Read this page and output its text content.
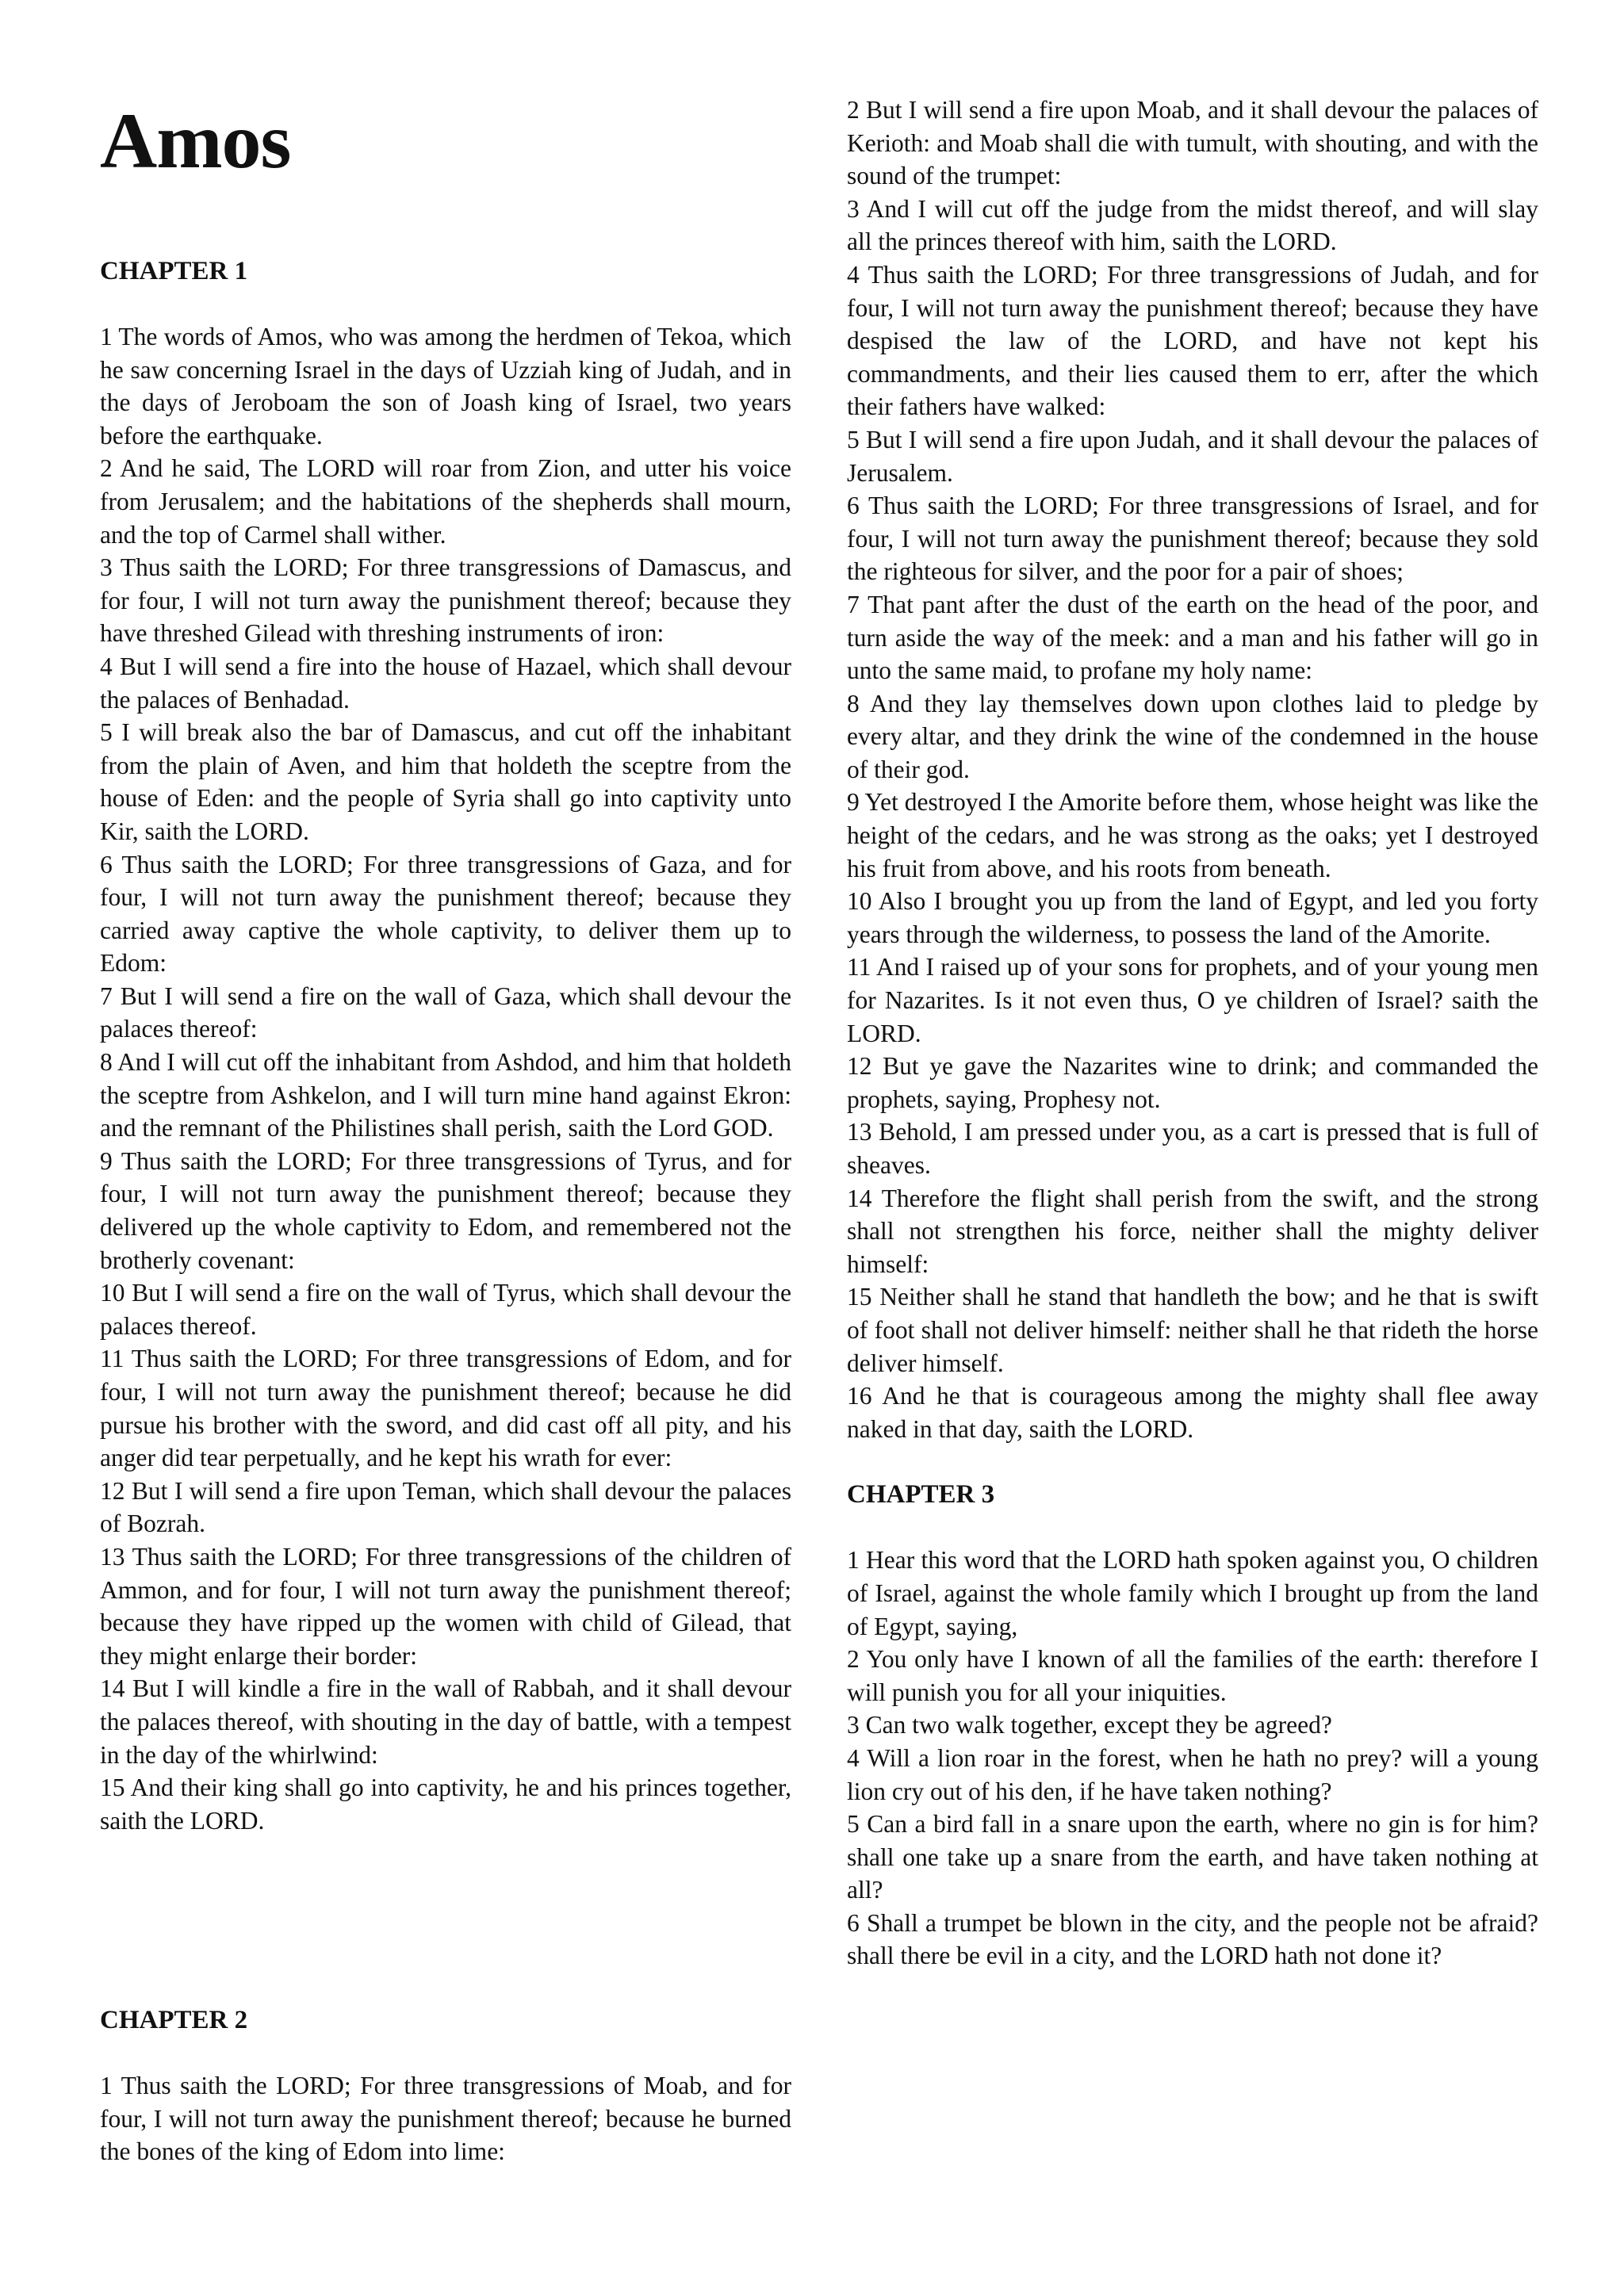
Amos
CHAPTER 1

1 The words of Amos, who was among the herdmen of Tekoa, which he saw concerning Israel in the days of Uzziah king of Judah, and in the days of Jeroboam the son of Joash king of Israel, two years before the earthquake.

2 And he said, The LORD will roar from Zion, and utter his voice from Jerusalem; and the habitations of the shepherds shall mourn, and the top of Carmel shall wither.

3 Thus saith the LORD; For three transgressions of Damascus, and for four, I will not turn away the punishment thereof; because they have threshed Gilead with threshing instruments of iron:

4 But I will send a fire into the house of Hazael, which shall devour the palaces of Benhadad.

5 I will break also the bar of Damascus, and cut off the inhabitant from the plain of Aven, and him that holdeth the sceptre from the house of Eden: and the people of Syria shall go into captivity unto Kir, saith the LORD.

6 Thus saith the LORD; For three transgressions of Gaza, and for four, I will not turn away the punishment thereof; because they carried away captive the whole captivity, to deliver them up to Edom:

7 But I will send a fire on the wall of Gaza, which shall devour the palaces thereof:

8 And I will cut off the inhabitant from Ashdod, and him that holdeth the sceptre from Ashkelon, and I will turn mine hand against Ekron: and the remnant of the Philistines shall perish, saith the Lord GOD.

9 Thus saith the LORD; For three transgressions of Tyrus, and for four, I will not turn away the punishment thereof; because they delivered up the whole captivity to Edom, and remembered not the brotherly covenant:

10 But I will send a fire on the wall of Tyrus, which shall devour the palaces thereof.

11 Thus saith the LORD; For three transgressions of Edom, and for four, I will not turn away the punishment thereof; because he did pursue his brother with the sword, and did cast off all pity, and his anger did tear perpetually, and he kept his wrath for ever:

12 But I will send a fire upon Teman, which shall devour the palaces of Bozrah.

13 Thus saith the LORD; For three transgressions of the children of Ammon, and for four, I will not turn away the punishment thereof; because they have ripped up the women with child of Gilead, that they might enlarge their border:

14 But I will kindle a fire in the wall of Rabbah, and it shall devour the palaces thereof, with shouting in the day of battle, with a tempest in the day of the whirlwind:

15 And their king shall go into captivity, he and his princes together, saith the LORD.

CHAPTER 2

1 Thus saith the LORD; For three transgressions of Moab, and for four, I will not turn away the punishment thereof; because he burned the bones of the king of Edom into lime:

2 But I will send a fire upon Moab, and it shall devour the palaces of Kerioth: and Moab shall die with tumult, with shouting, and with the sound of the trumpet:

3 And I will cut off the judge from the midst thereof, and will slay all the princes thereof with him, saith the LORD.

4 Thus saith the LORD; For three transgressions of Judah, and for four, I will not turn away the punishment thereof; because they have despised the law of the LORD, and have not kept his commandments, and their lies caused them to err, after the which their fathers have walked:

5 But I will send a fire upon Judah, and it shall devour the palaces of Jerusalem.

6 Thus saith the LORD; For three transgressions of Israel, and for four, I will not turn away the punishment thereof; because they sold the righteous for silver, and the poor for a pair of shoes;

7 That pant after the dust of the earth on the head of the poor, and turn aside the way of the meek: and a man and his father will go in unto the same maid, to profane my holy name:

8 And they lay themselves down upon clothes laid to pledge by every altar, and they drink the wine of the condemned in the house of their god.

9 Yet destroyed I the Amorite before them, whose height was like the height of the cedars, and he was strong as the oaks; yet I destroyed his fruit from above, and his roots from beneath.

10 Also I brought you up from the land of Egypt, and led you forty years through the wilderness, to possess the land of the Amorite.

11 And I raised up of your sons for prophets, and of your young men for Nazarites. Is it not even thus, O ye children of Israel? saith the LORD.

12 But ye gave the Nazarites wine to drink; and commanded the prophets, saying, Prophesy not.

13 Behold, I am pressed under you, as a cart is pressed that is full of sheaves.

14 Therefore the flight shall perish from the swift, and the strong shall not strengthen his force, neither shall the mighty deliver himself:

15 Neither shall he stand that handleth the bow; and he that is swift of foot shall not deliver himself: neither shall he that rideth the horse deliver himself.

16 And he that is courageous among the mighty shall flee away naked in that day, saith the LORD.

CHAPTER 3

1 Hear this word that the LORD hath spoken against you, O children of Israel, against the whole family which I brought up from the land of Egypt, saying,

2 You only have I known of all the families of the earth: therefore I will punish you for all your iniquities.

3 Can two walk together, except they be agreed?

4 Will a lion roar in the forest, when he hath no prey? will a young lion cry out of his den, if he have taken nothing?

5 Can a bird fall in a snare upon the earth, where no gin is for him? shall one take up a snare from the earth, and have taken nothing at all?

6 Shall a trumpet be blown in the city, and the people not be afraid? shall there be evil in a city, and the LORD hath not done it?
